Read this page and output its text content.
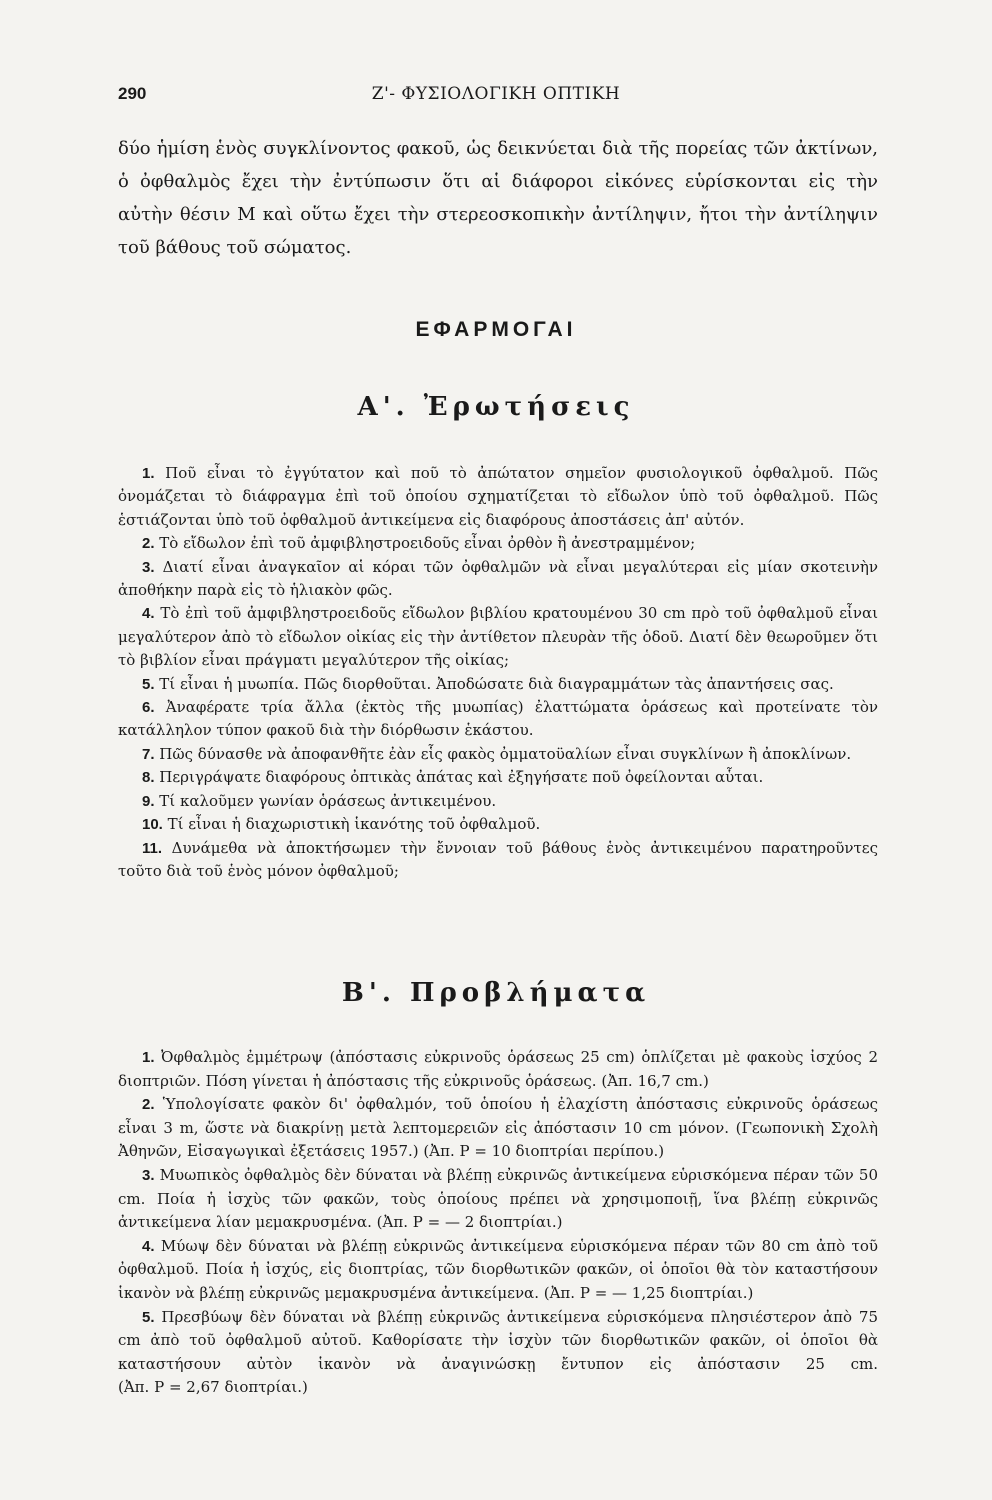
290	Ζ'- ΦΥΣΙΟΛΟΓΙΚΗ ΟΠΤΙΚΗ

δύο ἡμίση ἑνὸς συγκλίνοντος φακοῦ, ὡς δεικνύεται διὰ τῆς πορείας τῶν ἀκτίνων, ὁ ὀφθαλμὸς ἔχει τὴν ἐντύπωσιν ὅτι αἱ διάφοροι εἰκόνες εὑρίσκονται εἰς τὴν αὐτὴν θέσιν Μ καὶ οὕτω ἔχει τὴν στερεοσκοπικὴν ἀντίληψιν, ἤτοι τὴν ἀντίληψιν τοῦ βάθους τοῦ σώματος.

ΕΦΑΡΜΟΓΑΙ
Α'. Ἐρωτήσεις
1. Ποῦ εἶναι τὸ ἐγγύτατον καὶ ποῦ τὸ ἀπώτατον σημεῖον φυσιολογικοῦ ὀφθαλμοῦ. Πῶς ὀνομάζεται τὸ διάφραγμα ἐπὶ τοῦ ὁποίου σχηματίζεται τὸ εἴδωλον ὑπὸ τοῦ ὀφθαλμοῦ. Πῶς ἑστιάζονται ὑπὸ τοῦ ὀφθαλμοῦ ἀντικείμενα εἰς διαφόρους ἀποστάσεις ἀπ' αὐτόν.
2. Τὸ εἴδωλον ἐπὶ τοῦ ἀμφιβληστροειδοῦς εἶναι ὀρθὸν ἢ ἀνεστραμμένον;
3. Διατί εἶναι ἀναγκαῖον αἱ κόραι τῶν ὀφθαλμῶν νὰ εἶναι μεγαλύτεραι εἰς μίαν σκοτεινὴν ἀποθήκην παρὰ εἰς τὸ ἡλιακὸν φῶς.
4. Τὸ ἐπὶ τοῦ ἀμφιβληστροειδοῦς εἴδωλον βιβλίου κρατουμένου 30 cm πρὸ τοῦ ὀφθαλμοῦ εἶναι μεγαλύτερον ἀπὸ τὸ εἴδωλον οἰκίας εἰς τὴν ἀντίθετον πλευρὰν τῆς ὁδοῦ. Διατί δὲν θεωροῦμεν ὅτι τὸ βιβλίον εἶναι πράγματι μεγαλύτερον τῆς οἰκίας;
5. Τί εἶναι ἡ μυωπία. Πῶς διορθοῦται. Ἀποδώσατε διὰ διαγραμμάτων τὰς ἀπαντήσεις σας.
6. Ἀναφέρατε τρία ἄλλα (ἐκτὸς τῆς μυωπίας) ἐλαττώματα ὁράσεως καὶ προτείνατε τὸν κατάλληλον τύπον φακοῦ διὰ τὴν διόρθωσιν ἑκάστου.
7. Πῶς δύνασθε νὰ ἀποφανθῆτε ἐὰν εἷς φακὸς ὀμματοϋαλίων εἶναι συγκλίνων ἢ ἀποκλίνων.
8. Περιγράψατε διαφόρους ὀπτικὰς ἀπάτας καὶ ἐξηγήσατε ποῦ ὀφείλονται αὗται.
9. Τί καλοῦμεν γωνίαν ὁράσεως ἀντικειμένου.
10. Τί εἶναι ἡ διαχωριστικὴ ἱκανότης τοῦ ὀφθαλμοῦ.
11. Δυνάμεθα νὰ ἀποκτήσωμεν τὴν ἔννοιαν τοῦ βάθους ἑνὸς ἀντικειμένου παρατηροῦντες τοῦτο διὰ τοῦ ἑνὸς μόνον ὀφθαλμοῦ;
Β'. Προβλήματα
1. Ὀφθαλμὸς ἐμμέτρωψ (ἀπόστασις εὐκρινοῦς ὁράσεως 25 cm) ὁπλίζεται μὲ φακοὺς ἰσχύος 2 διοπτριῶν. Πόση γίνεται ἡ ἀπόστασις τῆς εὐκρινοῦς ὁράσεως. (Ἀπ. 16,7 cm.)
2. Ὑπολογίσατε φακὸν δι' ὀφθαλμόν, τοῦ ὁποίου ἡ ἐλαχίστη ἀπόστασις εὐκρινοῦς ὁράσεως εἶναι 3 m, ὥστε νὰ διακρίνῃ μετὰ λεπτομερειῶν εἰς ἀπόστασιν 10 cm μόνον. (Γεωπονικὴ Σχολὴ Ἀθηνῶν, Εἰσαγωγικαὶ ἐξετάσεις 1957.) (Ἀπ. Ρ = 10 διοπτρίαι περίπου.)
3. Μυωπικὸς ὀφθαλμὸς δὲν δύναται νὰ βλέπῃ εὐκρινῶς ἀντικείμενα εὑρισκόμενα πέραν τῶν 50 cm. Ποία ἡ ἰσχὺς τῶν φακῶν, τοὺς ὁποίους πρέπει νὰ χρησιμοποιῇ, ἵνα βλέπῃ εὐκρινῶς ἀντικείμενα λίαν μεμακρυσμένα. (Ἀπ. Ρ = — 2 διοπτρίαι.)
4. Μύωψ δὲν δύναται νὰ βλέπῃ εὐκρινῶς ἀντικείμενα εὑρισκόμενα πέραν τῶν 80 cm ἀπὸ τοῦ ὀφθαλμοῦ. Ποία ἡ ἰσχύς, εἰς διοπτρίας, τῶν διορθωτικῶν φακῶν, οἱ ὁποῖοι θὰ τὸν καταστήσουν ἱκανὸν νὰ βλέπῃ εὐκρινῶς μεμακρυσμένα ἀντικείμενα. (Ἀπ. Ρ = — 1,25 διοπτρίαι.)
5. Πρεσβύωψ δὲν δύναται νὰ βλέπῃ εὐκρινῶς ἀντικείμενα εὑρισκόμενα πλησιέστερον ἀπὸ 75 cm ἀπὸ τοῦ ὀφθαλμοῦ αὐτοῦ. Καθορίσατε τὴν ἰσχὺν τῶν διορθωτικῶν φακῶν, οἱ ὁποῖοι θὰ καταστήσουν αὐτὸν ἱκανὸν νὰ ἀναγινώσκῃ ἔντυπον εἰς ἀπόστασιν 25 cm. (Ἀπ. Ρ = 2,67 διοπτρίαι.)
